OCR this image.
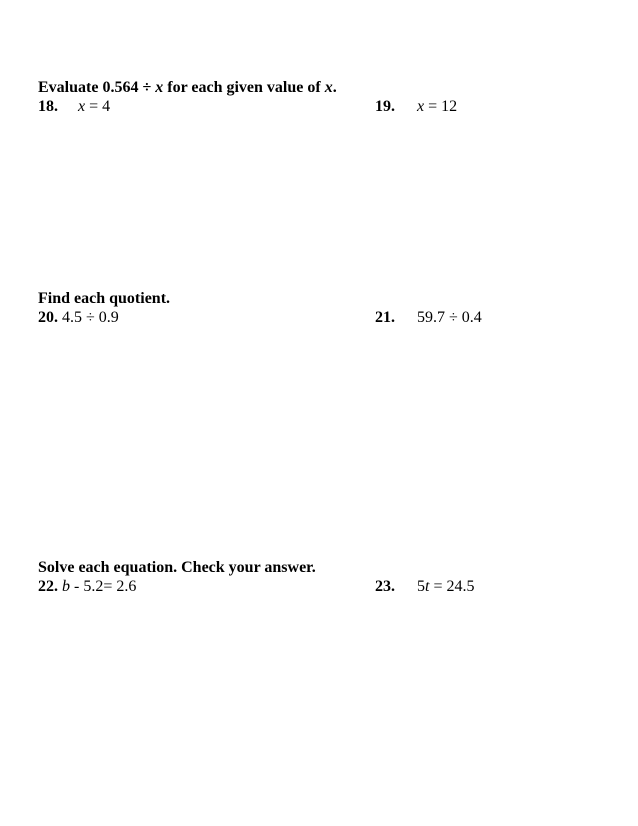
Evaluate 0.564 ÷ x for each given value of x.
18. x = 4	19. x = 12
Find each quotient.
20. 4.5 ÷ 0.9	21. 59.7 ÷ 0.4
Solve each equation. Check your answer.
22. b - 5.2= 2.6	23. 5t = 24.5
